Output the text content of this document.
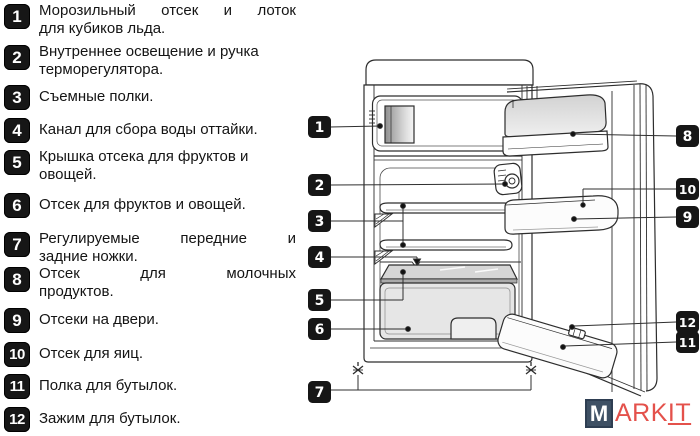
1	Морозильный отсек и лоток
для кубиков льда.
2	Внутреннее освещение и ручка
терморегулятора.
3	Съемные полки.
4	Канал для сбора воды оттайки.
5	Крышка отсека для фруктов и
овощей.
6	Отсек для фруктов и овощей.
7	Регулируемые передние и
задние ножки.
8	Отсек для молочных
продуктов.
9	Отсеки на двери.
10 Отсек для яиц.
11 Полка для бутылок.
12 Зажим для бутылок.
1
2
3
4
5
6
7
8
10
9
12
11
M ARKIT
